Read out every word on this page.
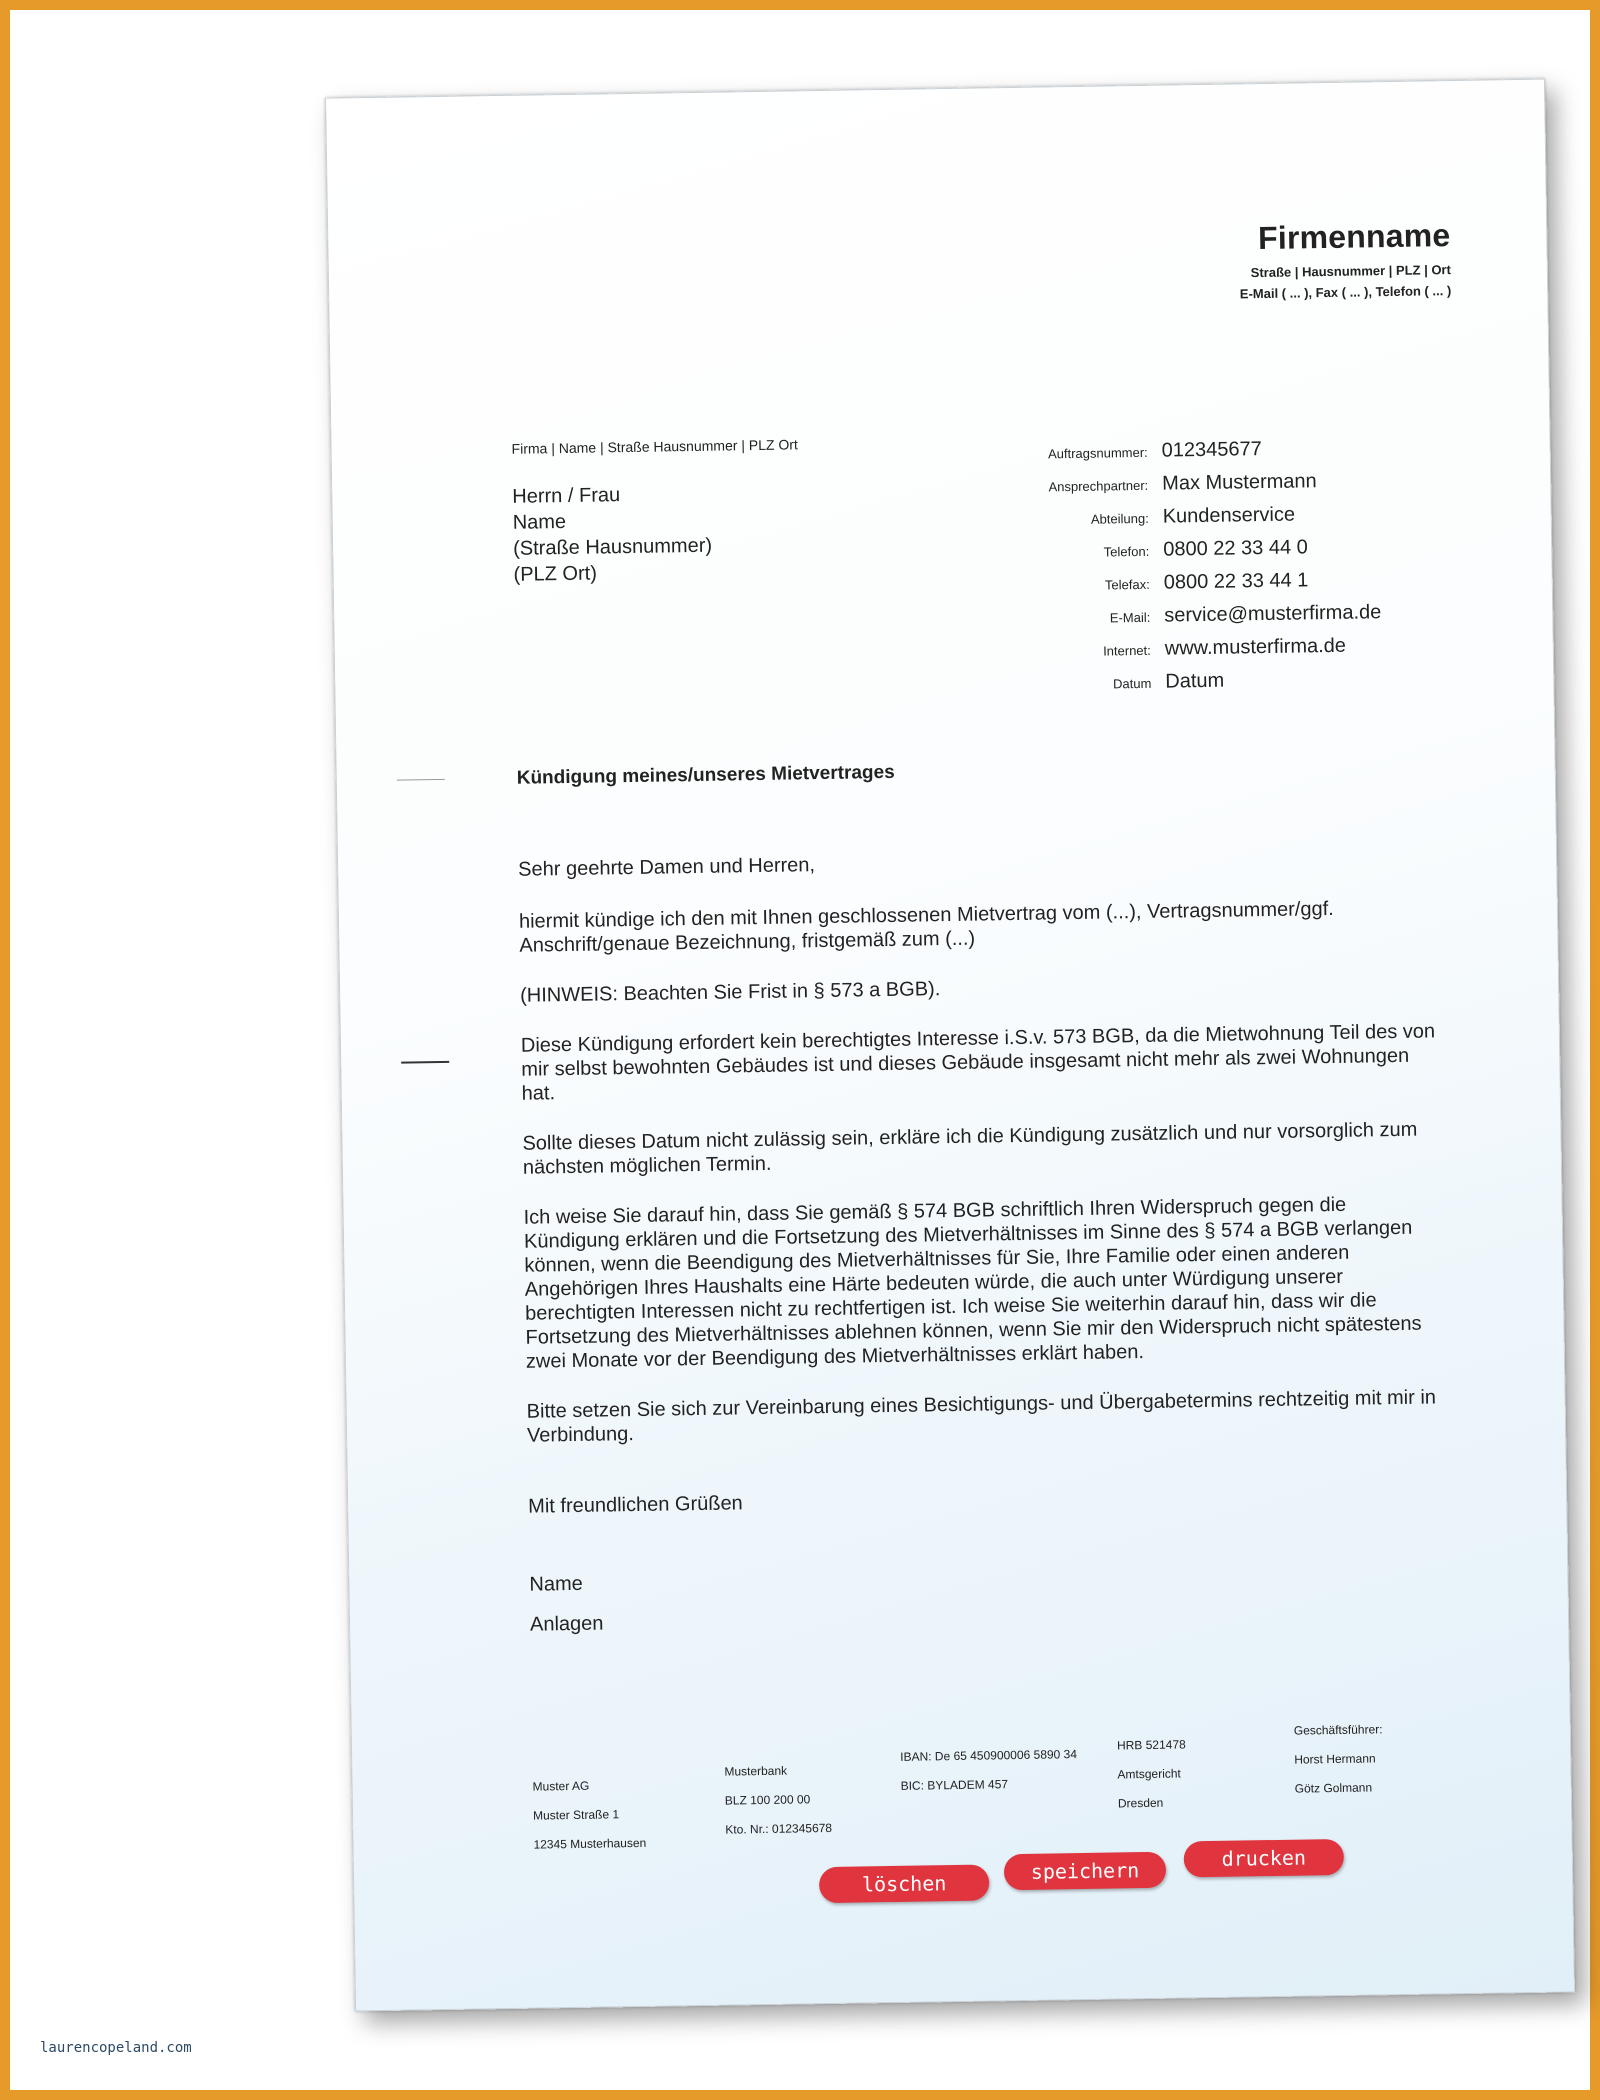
Firmenname
Straße | Hausnummer | PLZ | Ort
E-Mail ( ... ), Fax ( ... ), Telefon ( ... )
Firma | Name | Straße Hausnummer | PLZ Ort
Herrn / Frau
Name
(Straße Hausnummer)
(PLZ Ort)
Auftragsnummer: 012345677
Ansprechpartner: Max Mustermann
Abteilung: Kundenservice
Telefon: 0800 22 33 44 0
Telefax: 0800 22 33 44 1
E-Mail: service@musterfirma.de
Internet: www.musterfirma.de
Datum Datum
Kündigung meines/unseres Mietvertrages

Sehr geehrte Damen und Herren,

hiermit kündige ich den mit Ihnen geschlossenen Mietvertrag vom (...), Vertragsnummer/ggf. Anschrift/genaue Bezeichnung, fristgemäß zum (...)

(HINWEIS: Beachten Sie Frist in § 573 a BGB).

Diese Kündigung erfordert kein berechtigtes Interesse i.S.v. 573 BGB, da die Mietwohnung Teil des von mir selbst bewohnten Gebäudes ist und dieses Gebäude insgesamt nicht mehr als zwei Wohnungen hat.

Sollte dieses Datum nicht zulässig sein, erkläre ich die Kündigung zusätzlich und nur vorsorglich zum nächsten möglichen Termin.

Ich weise Sie darauf hin, dass Sie gemäß § 574 BGB schriftlich Ihren Widerspruch gegen die Kündigung erklären und die Fortsetzung des Mietverhältnisses im Sinne des § 574 a BGB verlangen können, wenn die Beendigung des Mietverhältnisses für Sie, Ihre Familie oder einen anderen Angehörigen Ihres Haushalts eine Härte bedeuten würde, die auch unter Würdigung unserer berechtigten Interessen nicht zu rechtfertigen ist. Ich weise Sie weiterhin darauf hin, dass wir die Fortsetzung des Mietverhältnisses ablehnen können, wenn Sie mir den Widerspruch nicht spätestens zwei Monate vor der Beendigung des Mietverhältnisses erklärt haben.

Bitte setzen Sie sich zur Vereinbarung eines Besichtigungs- und Übergabetermins rechtzeitig mit mir in Verbindung.

Mit freundlichen Grüßen
Name
Anlagen
Muster AG
Muster Straße 1
12345 Musterhausen
Musterbank
BLZ 100 200 00
Kto. Nr.: 012345678
IBAN: De 65 450900006 5890 34
BIC: BYLADEM 457
HRB 521478
Amtsgericht
Dresden
Geschäftsführer:
Horst Hermann
Götz Golmann
löschen	speichern	drucken
laurencopeland.com
